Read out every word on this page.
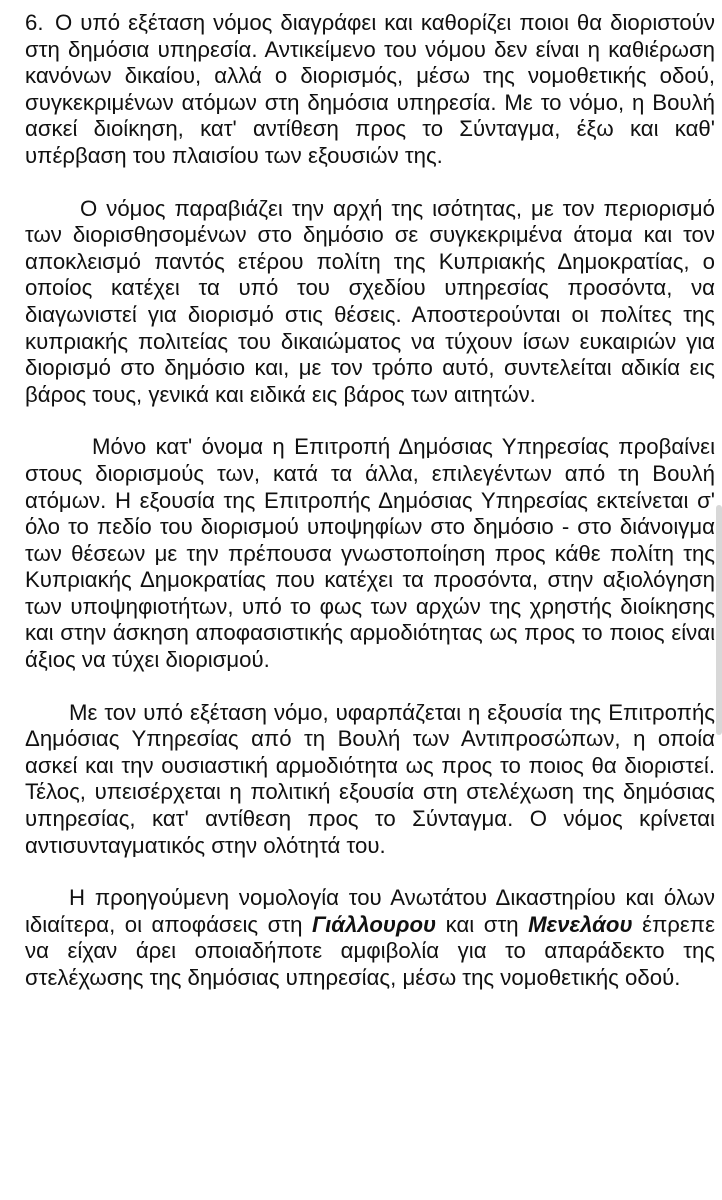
6. Ο υπό εξέταση νόμος διαγράφει και καθορίζει ποιοι θα διοριστούν στη δημόσια υπηρεσία. Αντικείμενο του νόμου δεν είναι η καθιέρωση κανόνων δικαίου, αλλά ο διορισμός, μέσω της νομοθετικής οδού, συγκεκριμένων ατόμων στη δημόσια υπηρεσία. Με το νόμο, η Βουλή ασκεί διοίκηση, κατ' αντίθεση προς το Σύνταγμα, έξω και καθ' υπέρβαση του πλαισίου των εξουσιών της.

Ο νόμος παραβιάζει την αρχή της ισότητας, με τον περιορισμό των διορισθησομένων στο δημόσιο σε συγκεκριμένα άτομα και τον αποκλεισμό παντός ετέρου πολίτη της Κυπριακής Δημοκρατίας, ο οποίος κατέχει τα υπό του σχεδίου υπηρεσίας προσόντα, να διαγωνιστεί για διορισμό στις θέσεις. Αποστερούνται οι πολίτες της κυπριακής πολιτείας του δικαιώματος να τύχουν ίσων ευκαιριών για διορισμό στο δημόσιο και, με τον τρόπο αυτό, συντελείται αδικία εις βάρος τους, γενικά και ειδικά εις βάρος των αιτητών.

Μόνο κατ' όνομα η Επιτροπή Δημόσιας Υπηρεσίας προβαίνει στους διορισμούς των, κατά τα άλλα, επιλεγέντων από τη Βουλή ατόμων. Η εξουσία της Επιτροπής Δημόσιας Υπηρεσίας εκτείνεται σ' όλο το πεδίο του διορισμού υποψηφίων στο δημόσιο - στο διάνοιγμα των θέσεων με την πρέπουσα γνωστοποίηση προς κάθε πολίτη της Κυπριακής Δημοκρατίας που κατέχει τα προσόντα, στην αξιολόγηση των υποψηφιοτήτων, υπό το φως των αρχών της χρηστής διοίκησης και στην άσκηση αποφασιστικής αρμοδιότητας ως προς το ποιος είναι άξιος να τύχει διορισμού.

Με τον υπό εξέταση νόμο, υφαρπάζεται η εξουσία της Επιτροπής Δημόσιας Υπηρεσίας από τη Βουλή των Αντιπροσώπων, η οποία ασκεί και την ουσιαστική αρμοδιότητα ως προς το ποιος θα διοριστεί. Τέλος, υπεισέρχεται η πολιτική εξουσία στη στελέχωση της δημόσιας υπηρεσίας, κατ' αντίθεση προς το Σύνταγμα. Ο νόμος κρίνεται αντισυνταγματικός στην ολότητά του.

Η προηγούμενη νομολογία του Ανωτάτου Δικαστηρίου και όλων ιδιαίτερα, οι αποφάσεις στη Γιάλλουρου και στη Μενελάου έπρεπε να είχαν άρει οποιαδήποτε αμφιβολία για το απαράδεκτο της στελέχωσης της δημόσιας υπηρεσίας, μέσω της νομοθετικής οδού.
